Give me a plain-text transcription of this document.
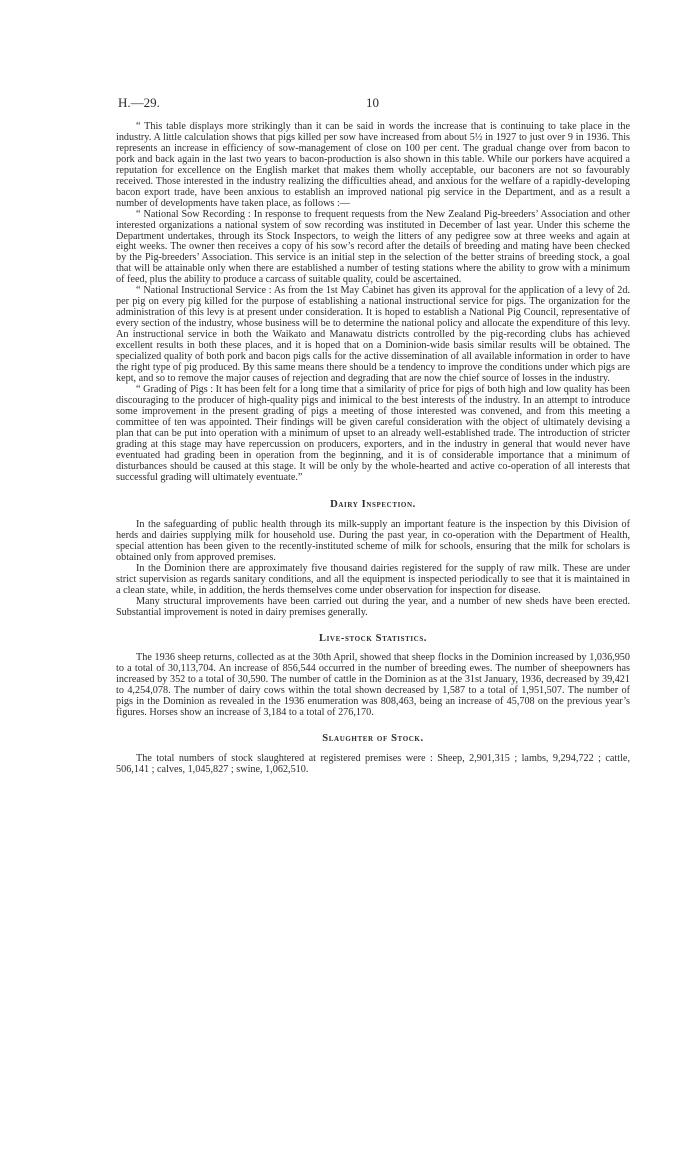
H.—29.	10

“ This table displays more strikingly than it can be said in words the increase that is continuing to take place in the industry. A little calculation shows that pigs killed per sow have increased from about 5½ in 1927 to just over 9 in 1936. This represents an increase in efficiency of sow-management of close on 100 per cent. The gradual change over from bacon to pork and back again in the last two years to bacon-production is also shown in this table. While our porkers have acquired a reputation for excellence on the English market that makes them wholly acceptable, our baconers are not so favourably received. Those interested in the industry realizing the difficulties ahead, and anxious for the welfare of a rapidly-developing bacon export trade, have been anxious to establish an improved national pig service in the Department, and as a result a number of developments have taken place, as follows :—

“ National Sow Recording : In response to frequent requests from the New Zealand Pig-breeders’ Association and other interested organizations a national system of sow recording was instituted in December of last year. Under this scheme the Department undertakes, through its Stock Inspectors, to weigh the litters of any pedigree sow at three weeks and again at eight weeks. The owner then receives a copy of his sow’s record after the details of breeding and mating have been checked by the Pig-breeders’ Association. This service is an initial step in the selection of the better strains of breeding stock, a goal that will be attainable only when there are established a number of testing stations where the ability to grow with a minimum of feed, plus the ability to produce a carcass of suitable quality, could be ascertained.

“ National Instructional Service : As from the 1st May Cabinet has given its approval for the application of a levy of 2d. per pig on every pig killed for the purpose of establishing a national instructional service for pigs. The organization for the administration of this levy is at present under consideration. It is hoped to establish a National Pig Council, representative of every section of the industry, whose business will be to determine the national policy and allocate the expenditure of this levy. An instructional service in both the Waikato and Manawatu districts controlled by the pig-recording clubs has achieved excellent results in both these places, and it is hoped that on a Dominion-wide basis similar results will be obtained. The specialized quality of both pork and bacon pigs calls for the active dissemination of all available information in order to have the right type of pig produced. By this same means there should be a tendency to improve the conditions under which pigs are kept, and so to remove the major causes of rejection and degrading that are now the chief source of losses in the industry.

“ Grading of Pigs : It has been felt for a long time that a similarity of price for pigs of both high and low quality has been discouraging to the producer of high-quality pigs and inimical to the best interests of the industry. In an attempt to introduce some improvement in the present grading of pigs a meeting of those interested was convened, and from this meeting a committee of ten was appointed. Their findings will be given careful consideration with the object of ultimately devising a plan that can be put into operation with a minimum of upset to an already well-established trade. The introduction of stricter grading at this stage may have repercussion on producers, exporters, and in the industry in general that would never have eventuated had grading been in operation from the beginning, and it is of considerable importance that a minimum of disturbances should be caused at this stage. It will be only by the whole-hearted and active co-operation of all interests that successful grading will ultimately eventuate.”

Dairy Inspection.

In the safeguarding of public health through its milk-supply an important feature is the inspection by this Division of herds and dairies supplying milk for household use. During the past year, in co-operation with the Department of Health, special attention has been given to the recently-instituted scheme of milk for schools, ensuring that the milk for scholars is obtained only from approved premises.

In the Dominion there are approximately five thousand dairies registered for the supply of raw milk. These are under strict supervision as regards sanitary conditions, and all the equipment is inspected periodically to see that it is maintained in a clean state, while, in addition, the herds themselves come under observation for inspection for disease.

Many structural improvements have been carried out during the year, and a number of new sheds have been erected. Substantial improvement is noted in dairy premises generally.

Live-stock Statistics.

The 1936 sheep returns, collected as at the 30th April, showed that sheep flocks in the Dominion increased by 1,036,950 to a total of 30,113,704. An increase of 856,544 occurred in the number of breeding ewes. The number of sheepowners has increased by 352 to a total of 30,590. The number of cattle in the Dominion as at the 31st January, 1936, decreased by 39,421 to 4,254,078. The number of dairy cows within the total shown decreased by 1,587 to a total of 1,951,507. The number of pigs in the Dominion as revealed in the 1936 enumeration was 808,463, being an increase of 45,708 on the previous year’s figures. Horses show an increase of 3,184 to a total of 276,170.

Slaughter of Stock.

The total numbers of stock slaughtered at registered premises were : Sheep, 2,901,315 ; lambs, 9,294,722 ; cattle, 506,141 ; calves, 1,045,827 ; swine, 1,062,510.
